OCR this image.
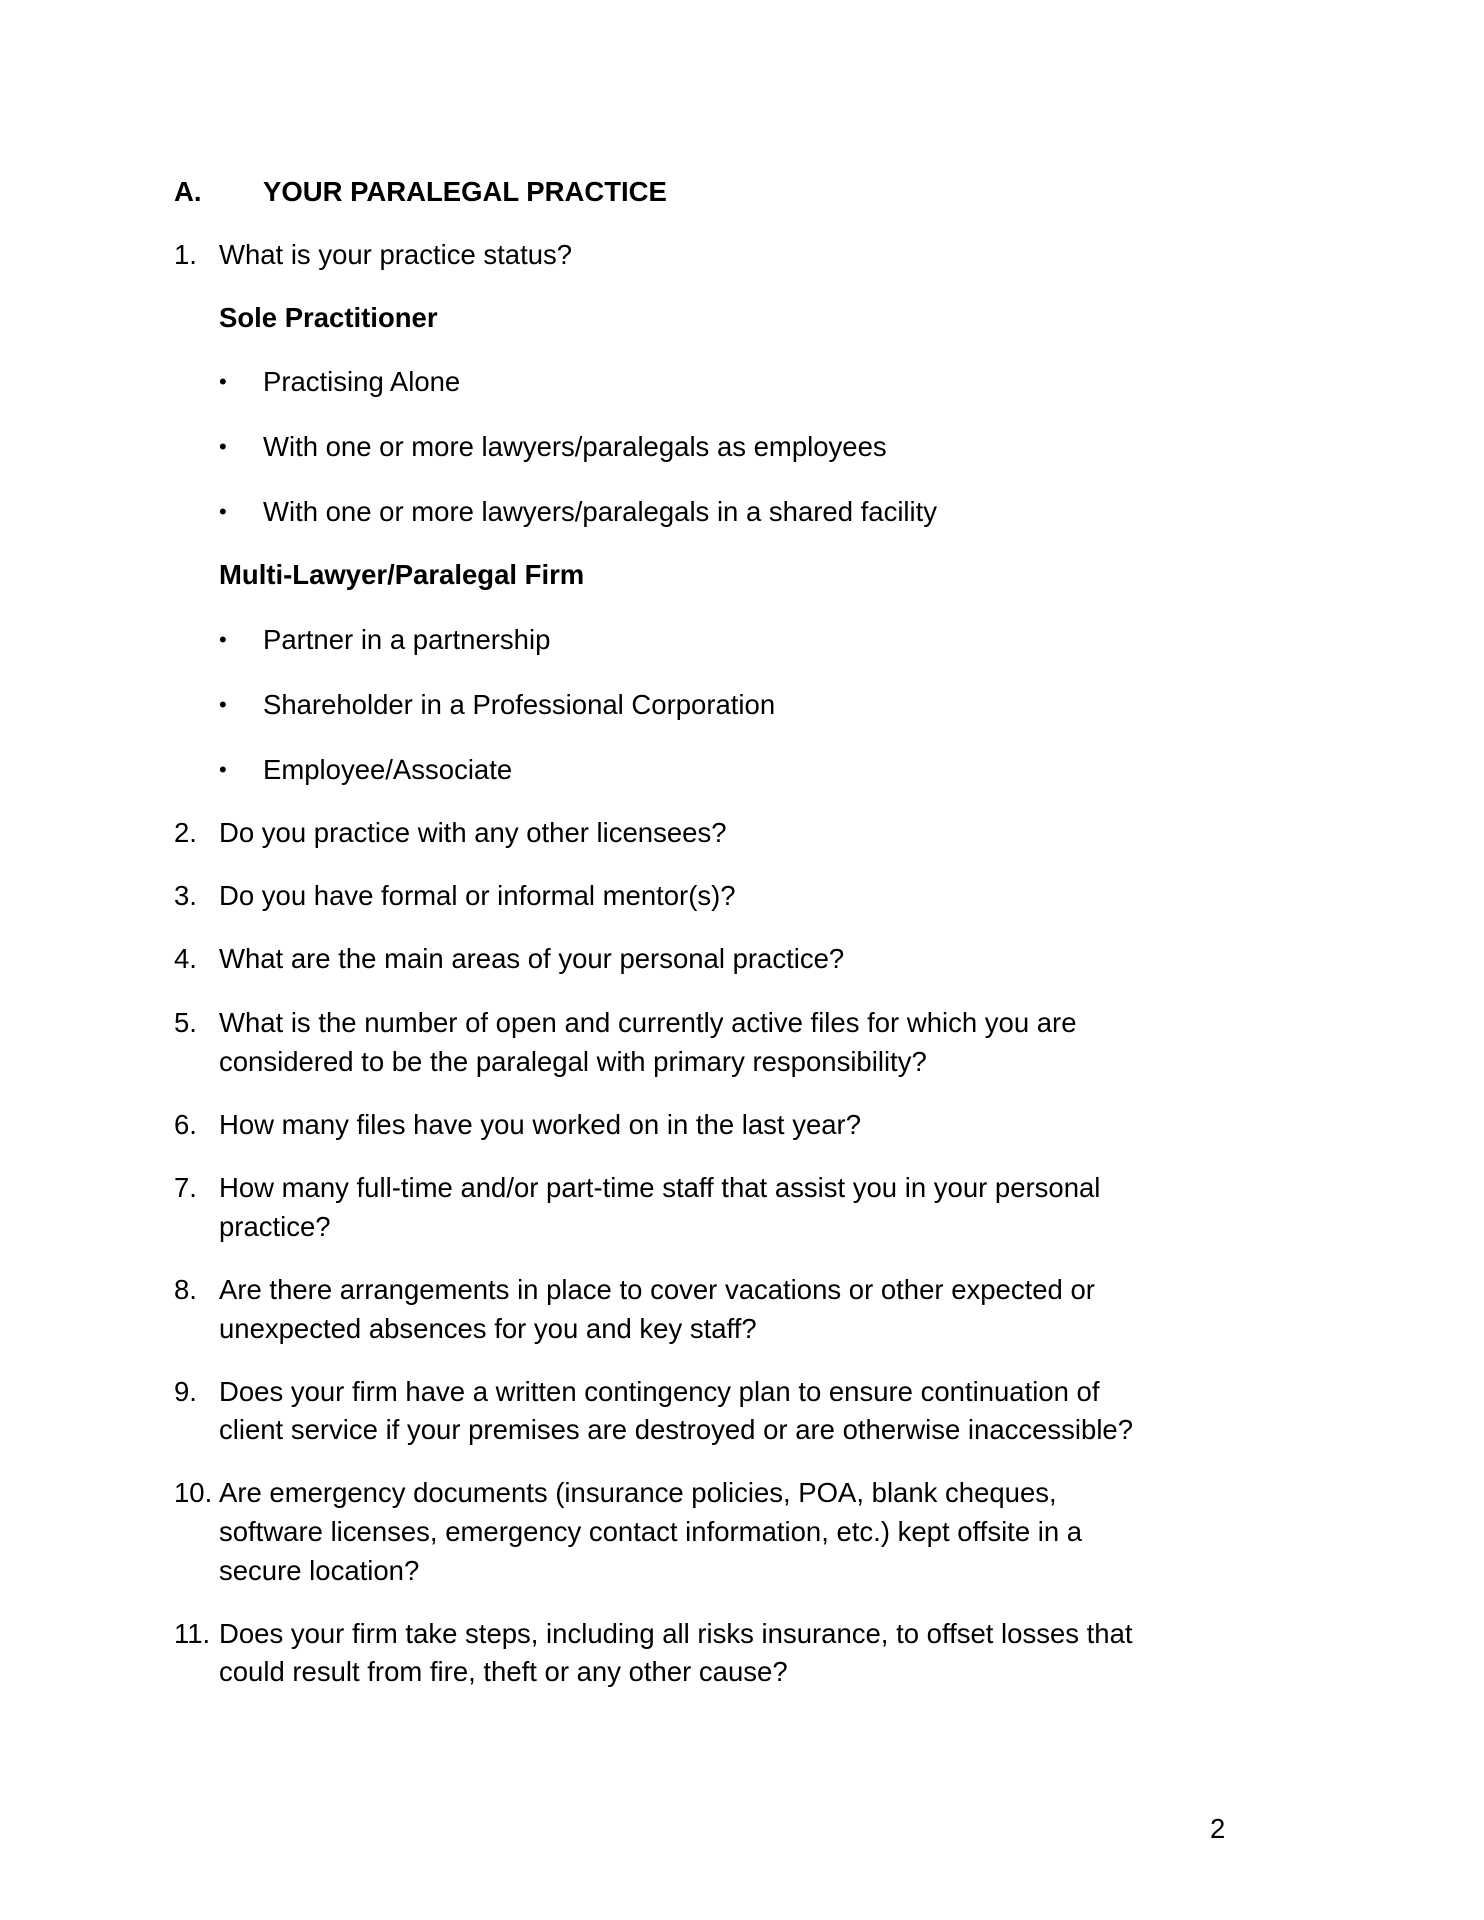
A. YOUR PARALEGAL PRACTICE
1. What is your practice status?
Sole Practitioner
• Practising Alone
• With one or more lawyers/paralegals as employees
• With one or more lawyers/paralegals in a shared facility
Multi-Lawyer/Paralegal Firm
• Partner in a partnership
• Shareholder in a Professional Corporation
• Employee/Associate
2. Do you practice with any other licensees?
3. Do you have formal or informal mentor(s)?
4. What are the main areas of your personal practice?
5. What is the number of open and currently active files for which you are
considered to be the paralegal with primary responsibility?
6. How many files have you worked on in the last year?
7. How many full-time and/or part-time staff that assist you in your personal
practice?
8. Are there arrangements in place to cover vacations or other expected or
unexpected absences for you and key staff?
9. Does your firm have a written contingency plan to ensure continuation of
client service if your premises are destroyed or are otherwise inaccessible?
10. Are emergency documents (insurance policies, POA, blank cheques,
software licenses, emergency contact information, etc.) kept offsite in a
secure location?
11. Does your firm take steps, including all risks insurance, to offset losses that
could result from fire, theft or any other cause?
2
